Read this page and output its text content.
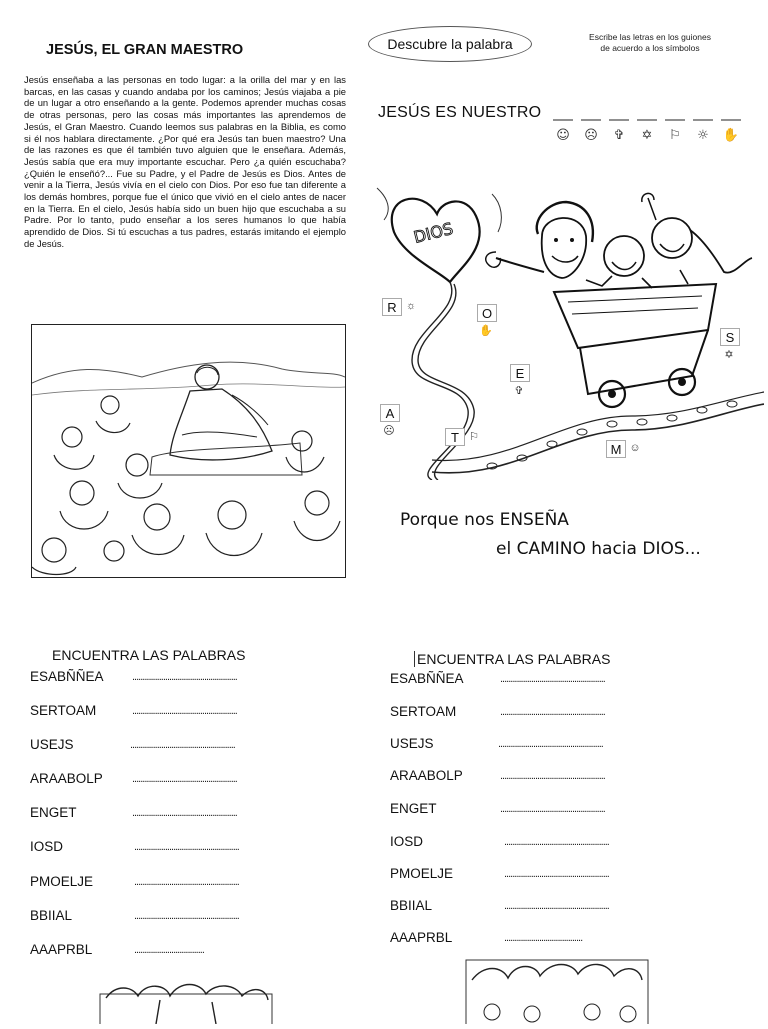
JESÚS, EL GRAN MAESTRO
Jesús enseñaba a las personas en todo lugar: a la orilla del mar y en las barcas, en las casas y cuando andaba por los caminos; Jesús viajaba a pie de un lugar a otro enseñando a la gente. Podemos aprender muchas cosas de otras personas, pero las cosas más importantes las aprendemos de Jesús, el Gran Maestro. Cuando leemos sus palabras en la Biblia, es como si él nos hablara directamente. ¿Por qué era Jesús tan buen maestro? Una de las razones es que él también tuvo alguien que le enseñara. Además, Jesús sabía que era muy importante escuchar. Pero ¿a quién escuchaba? ¿Quién le enseñó?... Fue su Padre, y el Padre de Jesús es Dios. Antes de venir a la Tierra, Jesús vivía en el cielo con Dios. Por eso fue tan diferente a los demás hombres, porque fue el único que vivió en el cielo antes de nacer en la Tierra. En el cielo, Jesús había sido un buen hijo que escuchaba a su Padre. Por lo tanto, pudo enseñar a los seres humanos lo que había aprendido de Dios. Si tú escuchas a tus padres, estarás imitando el ejemplo de Jesús.
Descubre la palabra	Escribe las letras en los guiones
de acuerdo a los símbolos
JESÚS ES NUESTRO
☺ ☹ ✞ ✡ ⚐ ☼ ✋
DIOS
R ☼	O
✋
E
✞
S
✡
A
☹	T ⚐
M ☺
Porque nos ENSEÑA
el CAMINO hacia DIOS...
ENCUENTRA LAS PALABRAS
ESABÑÑEA	...................................................
SERTOAM	...................................................
USEJS	...................................................
ARAABOLP	...................................................
ENGET	...................................................
IOSD	...................................................
PMOELJE	...................................................
BBIIAL	...................................................
AAAPRBL	..................................
ENCUENTRA LAS PALABRAS
ESABÑÑEA	...................................................
SERTOAM	...................................................
USEJS	...................................................
ARAABOLP	...................................................
ENGET	...................................................
IOSD	...................................................
PMOELJE	...................................................
BBIIAL	...................................................
AAAPRBL	......................................
